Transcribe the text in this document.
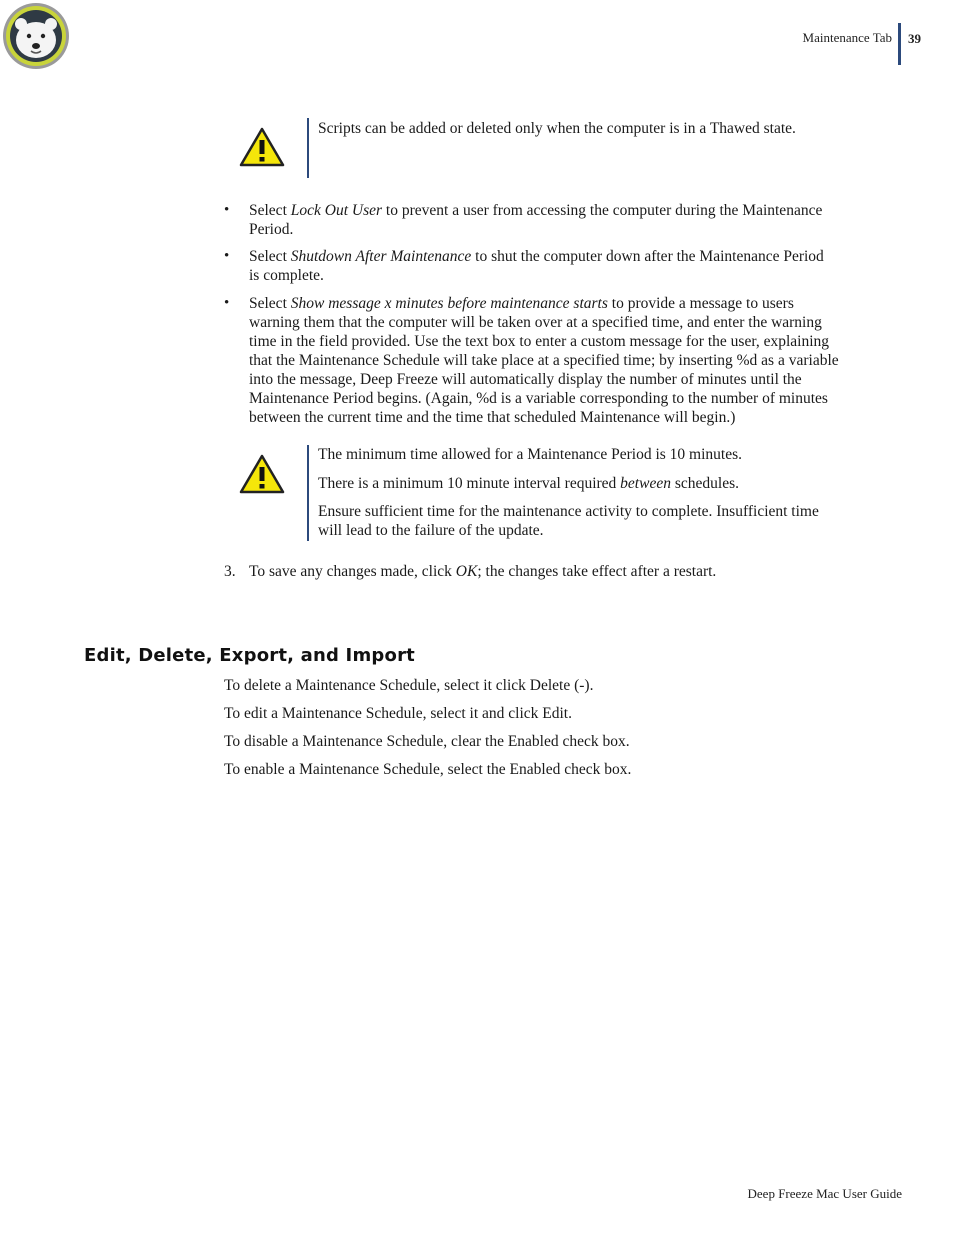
Maintenance Tab 39
Scripts can be added or deleted only when the computer is in a Thawed state.
• Select Lock Out User to prevent a user from accessing the computer during the Maintenance
Period.
• Select Shutdown After Maintenance to shut the computer down after the Maintenance Period
is complete.
• Select Show message x minutes before maintenance starts to provide a message to users
warning them that the computer will be taken over at a specified time, and enter the warning
time in the field provided. Use the text box to enter a custom message for the user, explaining
that the Maintenance Schedule will take place at a specified time; by inserting %d as a variable
into the message, Deep Freeze will automatically display the number of minutes until the
Maintenance Period begins. (Again, %d is a variable corresponding to the number of minutes
between the current time and the time that scheduled Maintenance will begin.)
The minimum time allowed for a Maintenance Period is 10 minutes.
There is a minimum 10 minute interval required between schedules.
Ensure sufficient time for the maintenance activity to complete. Insufficient time
will lead to the failure of the update.
3. To save any changes made, click OK; the changes take effect after a restart.
Edit, Delete, Export, and Import
To delete a Maintenance Schedule, select it click Delete (-).
To edit a Maintenance Schedule, select it and click Edit.
To disable a Maintenance Schedule, clear the Enabled check box.
To enable a Maintenance Schedule, select the Enabled check box.
Deep Freeze Mac User Guide
